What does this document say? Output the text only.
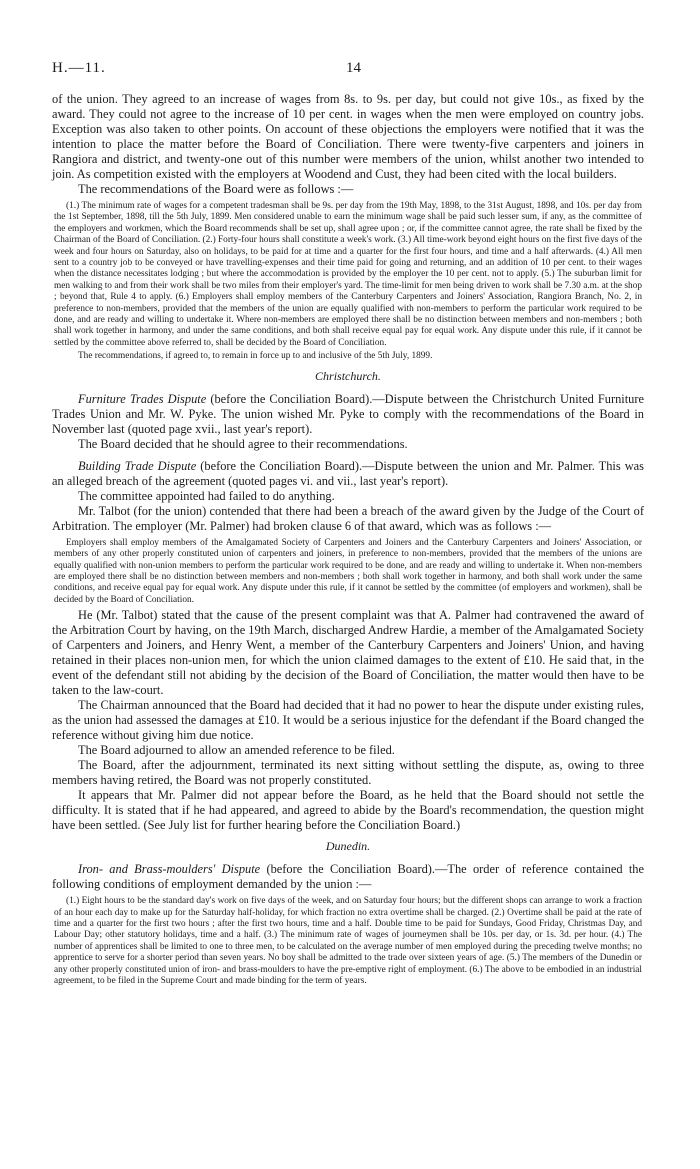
H.—11.	14

of the union. They agreed to an increase of wages from 8s. to 9s. per day, but could not give 10s., as fixed by the award. They could not agree to the increase of 10 per cent. in wages when the men were employed on country jobs. Exception was also taken to other points. On account of these objections the employers were notified that it was the intention to place the matter before the Board of Conciliation. There were twenty-five carpenters and joiners in Rangiora and district, and twenty-one out of this number were members of the union, whilst another two intended to join. As competition existed with the employers at Woodend and Cust, they had been cited with the local builders.

The recommendations of the Board were as follows :—

(1.) The minimum rate of wages for a competent tradesman shall be 9s. per day from the 19th May, 1898, to the 31st August, 1898, and 10s. per day from the 1st September, 1898, till the 5th July, 1899. Men considered unable to earn the minimum wage shall be paid such lesser sum, if any, as the committee of the employers and workmen, which the Board recommends shall be set up, shall agree upon ; or, if the committee cannot agree, the rate shall be fixed by the Chairman of the Board of Conciliation. (2.) Forty-four hours shall constitute a week's work. (3.) All time-work beyond eight hours on the first five days of the week and four hours on Saturday, also on holidays, to be paid for at time and a quarter for the first four hours, and time and a half afterwards. (4.) All men sent to a country job to be conveyed or have travelling-expenses and their time paid for going and returning, and an addition of 10 per cent. to their wages when the distance necessitates lodging ; but where the accommodation is provided by the employer the 10 per cent. not to apply. (5.) The suburban limit for men walking to and from their work shall be two miles from their employer's yard. The time-limit for men being driven to work shall be 7.30 a.m. at the shop ; beyond that, Rule 4 to apply. (6.) Employers shall employ members of the Canterbury Carpenters and Joiners' Association, Rangiora Branch, No. 2, in preference to non-members, provided that the members of the union are equally qualified with non-members to perform the particular work required to be done, and are ready and willing to undertake it. Where non-members are employed there shall be no distinction between members and non-members ; both shall work together in harmony, and under the same conditions, and both shall receive equal pay for equal work. Any dispute under this rule, if it cannot be settled by the committee above referred to, shall be decided by the Board of Conciliation.

The recommendations, if agreed to, to remain in force up to and inclusive of the 5th July, 1899.

Christchurch.

Furniture Trades Dispute (before the Conciliation Board).—Dispute between the Christchurch United Furniture Trades Union and Mr. W. Pyke. The union wished Mr. Pyke to comply with the recommendations of the Board in November last (quoted page xvii., last year's report).

The Board decided that he should agree to their recommendations.

Building Trade Dispute (before the Conciliation Board).—Dispute between the union and Mr. Palmer. This was an alleged breach of the agreement (quoted pages vi. and vii., last year's report).

The committee appointed had failed to do anything.

Mr. Talbot (for the union) contended that there had been a breach of the award given by the Judge of the Court of Arbitration. The employer (Mr. Palmer) had broken clause 6 of that award, which was as follows :—

Employers shall employ members of the Amalgamated Society of Carpenters and Joiners and the Canterbury Carpenters and Joiners' Association, or members of any other properly constituted union of carpenters and joiners, in preference to non-members, provided that the members of the unions are equally qualified with non-union members to perform the particular work required to be done, and are ready and willing to undertake it. When non-members are employed there shall be no distinction between members and non-members ; both shall work together in harmony, and both shall work under the same conditions, and receive equal pay for equal work. Any dispute under this rule, if it cannot be settled by the committee (of employers and workmen), shall be decided by the Board of Conciliation.

He (Mr. Talbot) stated that the cause of the present complaint was that A. Palmer had contravened the award of the Arbitration Court by having, on the 19th March, discharged Andrew Hardie, a member of the Amalgamated Society of Carpenters and Joiners, and Henry Went, a member of the Canterbury Carpenters and Joiners' Union, and having retained in their places non-union men, for which the union claimed damages to the extent of £10. He said that, in the event of the defendant still not abiding by the decision of the Board of Conciliation, the matter would then have to be taken to the law-court.

The Chairman announced that the Board had decided that it had no power to hear the dispute under existing rules, as the union had assessed the damages at £10. It would be a serious injustice for the defendant if the Board changed the reference without giving him due notice.

The Board adjourned to allow an amended reference to be filed.

The Board, after the adjournment, terminated its next sitting without settling the dispute, as, owing to three members having retired, the Board was not properly constituted.

It appears that Mr. Palmer did not appear before the Board, as he held that the Board should not settle the difficulty. It is stated that if he had appeared, and agreed to abide by the Board's recommendation, the question might have been settled. (See July list for further hearing before the Conciliation Board.)

Dunedin.

Iron- and Brass-moulders' Dispute (before the Conciliation Board).—The order of reference contained the following conditions of employment demanded by the union :—

(1.) Eight hours to be the standard day's work on five days of the week, and on Saturday four hours; but the different shops can arrange to work a fraction of an hour each day to make up for the Saturday half-holiday, for which fraction no extra overtime shall be charged. (2.) Overtime shall be paid at the rate of time and a quarter for the first two hours ; after the first two hours, time and a half. Double time to be paid for Sundays, Good Friday, Christmas Day, and Labour Day; other statutory holidays, time and a half. (3.) The minimum rate of wages of journeymen shall be 10s. per day, or 1s. 3d. per hour. (4.) The number of apprentices shall be limited to one to three men, to be calculated on the average number of men employed during the preceding twelve months; no apprentice to serve for a shorter period than seven years. No boy shall be admitted to the trade over sixteen years of age. (5.) The members of the Dunedin or any other properly constituted union of iron- and brass-moulders to have the pre-emptive right of employment. (6.) The above to be embodied in an industrial agreement, to be filed in the Supreme Court and made binding for the term of years.
